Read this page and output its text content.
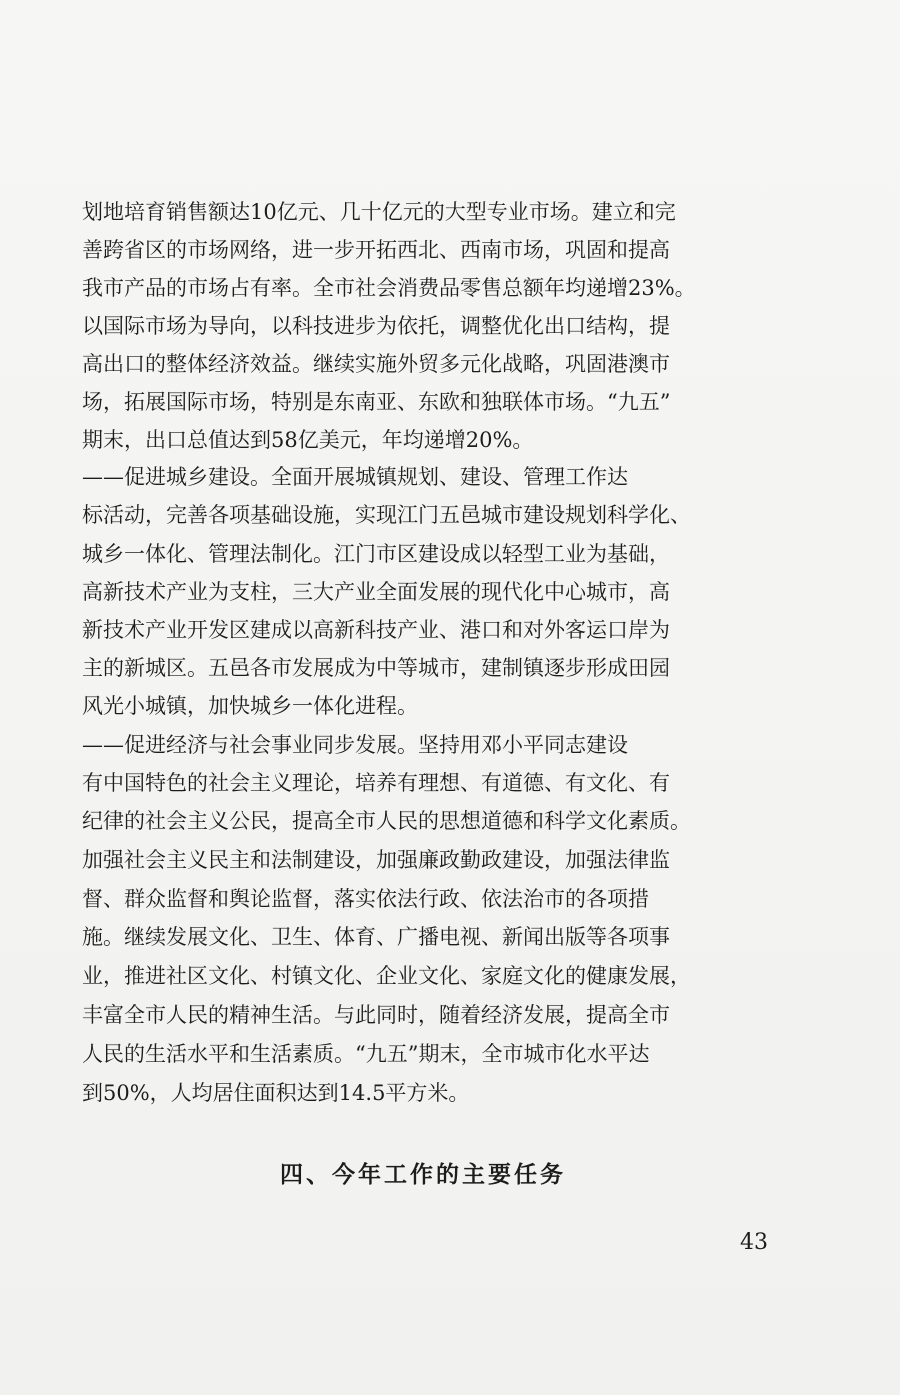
划地培育销售额达10亿元、几十亿元的大型专业市场。建立和完
善跨省区的市场网络，进一步开拓西北、西南市场，巩固和提高
我市产品的市场占有率。全市社会消费品零售总额年均递增23%。
以国际市场为导向，以科技进步为依托，调整优化出口结构，提
高出口的整体经济效益。继续实施外贸多元化战略，巩固港澳市
场，拓展国际市场，特别是东南亚、东欧和独联体市场。“九五”
期末，出口总值达到58亿美元，年均递增20%。
——促进城乡建设。全面开展城镇规划、建设、管理工作达
标活动，完善各项基础设施，实现江门五邑城市建设规划科学化、
城乡一体化、管理法制化。江门市区建设成以轻型工业为基础，
高新技术产业为支柱，三大产业全面发展的现代化中心城市，高
新技术产业开发区建成以高新科技产业、港口和对外客运口岸为
主的新城区。五邑各市发展成为中等城市，建制镇逐步形成田园
风光小城镇，加快城乡一体化进程。
——促进经济与社会事业同步发展。坚持用邓小平同志建设
有中国特色的社会主义理论，培养有理想、有道德、有文化、有
纪律的社会主义公民，提高全市人民的思想道德和科学文化素质。
加强社会主义民主和法制建设，加强廉政勤政建设，加强法律监
督、群众监督和舆论监督，落实依法行政、依法治市的各项措
施。继续发展文化、卫生、体育、广播电视、新闻出版等各项事
业，推进社区文化、村镇文化、企业文化、家庭文化的健康发展，
丰富全市人民的精神生活。与此同时，随着经济发展，提高全市
人民的生活水平和生活素质。“九五”期末，全市城市化水平达
到50%，人均居住面积达到14.5平方米。
四、今年工作的主要任务
43
